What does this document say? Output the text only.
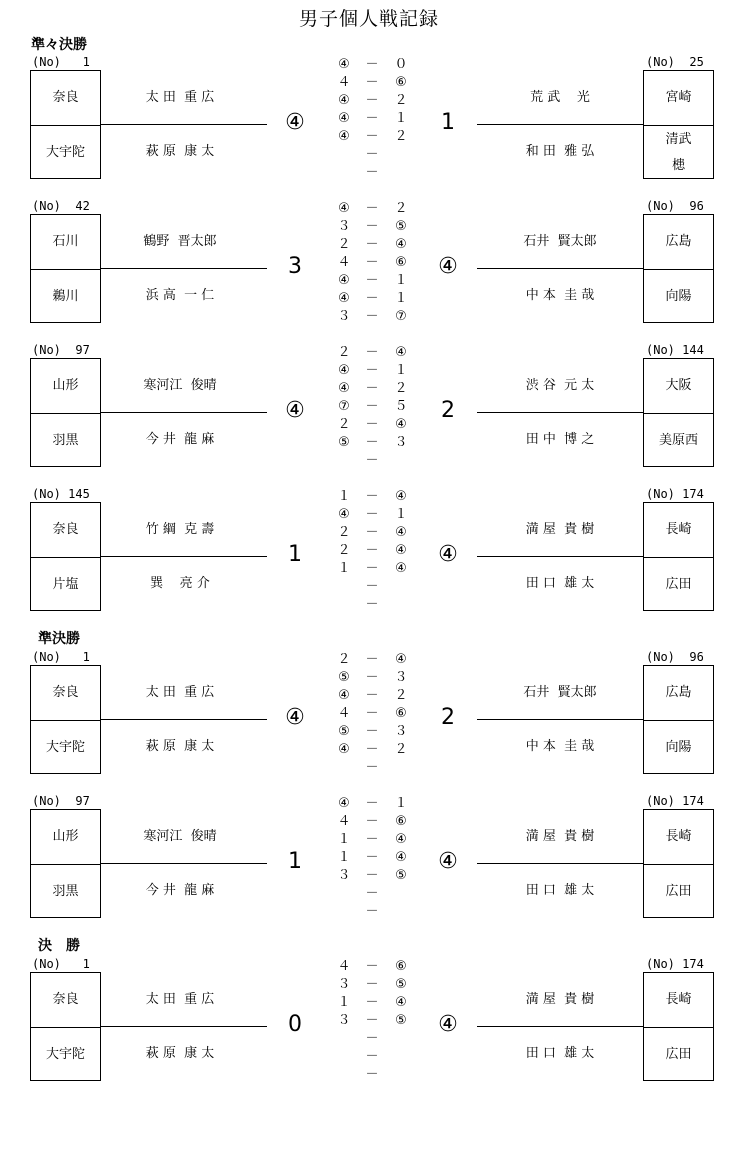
男子個人戦記録
準々決勝
準決勝
決　勝
(No)   1
奈良
大宇陀
太 田  重 広
萩 原  康 太
④
(No)  25
宮崎
清武

槵
荒 武    光
和 田  雅 弘
1
④	－	０
４	－	⑥
④	－	２
④	－	１
④	－	２
－
－
(No)  42
石川
鵜川
鶴野  晋太郎
浜 高  一 仁
3
(No)  96
広島
向陽
石井  賢太郎
中 本  圭 哉
④
④	－	２
３	－	⑤
２	－	④
４	－	⑥
④	－	１
④	－	１
３	－	⑦
(No)  97
山形
羽黒
寒河江  俊晴
今 井  龍 麻
④
(No) 144
大阪
美原西
渋 谷  元 太
田 中  博 之
2
２	－	④
④	－	１
④	－	２
⑦	－	５
２	－	④
⑤	－	３
－
(No) 145
奈良
片塩
竹 綱  克 壽
巽    亮 介
1
(No) 174
長崎
広田
満 屋  貴 樹
田 口  雄 太
④
１	－	④
④	－	１
２	－	④
２	－	④
１	－	④
－
－
(No)   1
奈良
大宇陀
太 田  重 広
萩 原  康 太
④
(No)  96
広島
向陽
石井  賢太郎
中 本  圭 哉
2
２	－	④
⑤	－	３
④	－	２
４	－	⑥
⑤	－	３
④	－	２
－
(No)  97
山形
羽黒
寒河江  俊晴
今 井  龍 麻
1
(No) 174
長崎
広田
満 屋  貴 樹
田 口  雄 太
④
④	－	１
４	－	⑥
１	－	④
１	－	④
３	－	⑤
－
－
(No)   1
奈良
大宇陀
太 田  重 広
萩 原  康 太
0
(No) 174
長崎
広田
満 屋  貴 樹
田 口  雄 太
④
４	－	⑥
３	－	⑤
１	－	④
３	－	⑤
－
－
－
